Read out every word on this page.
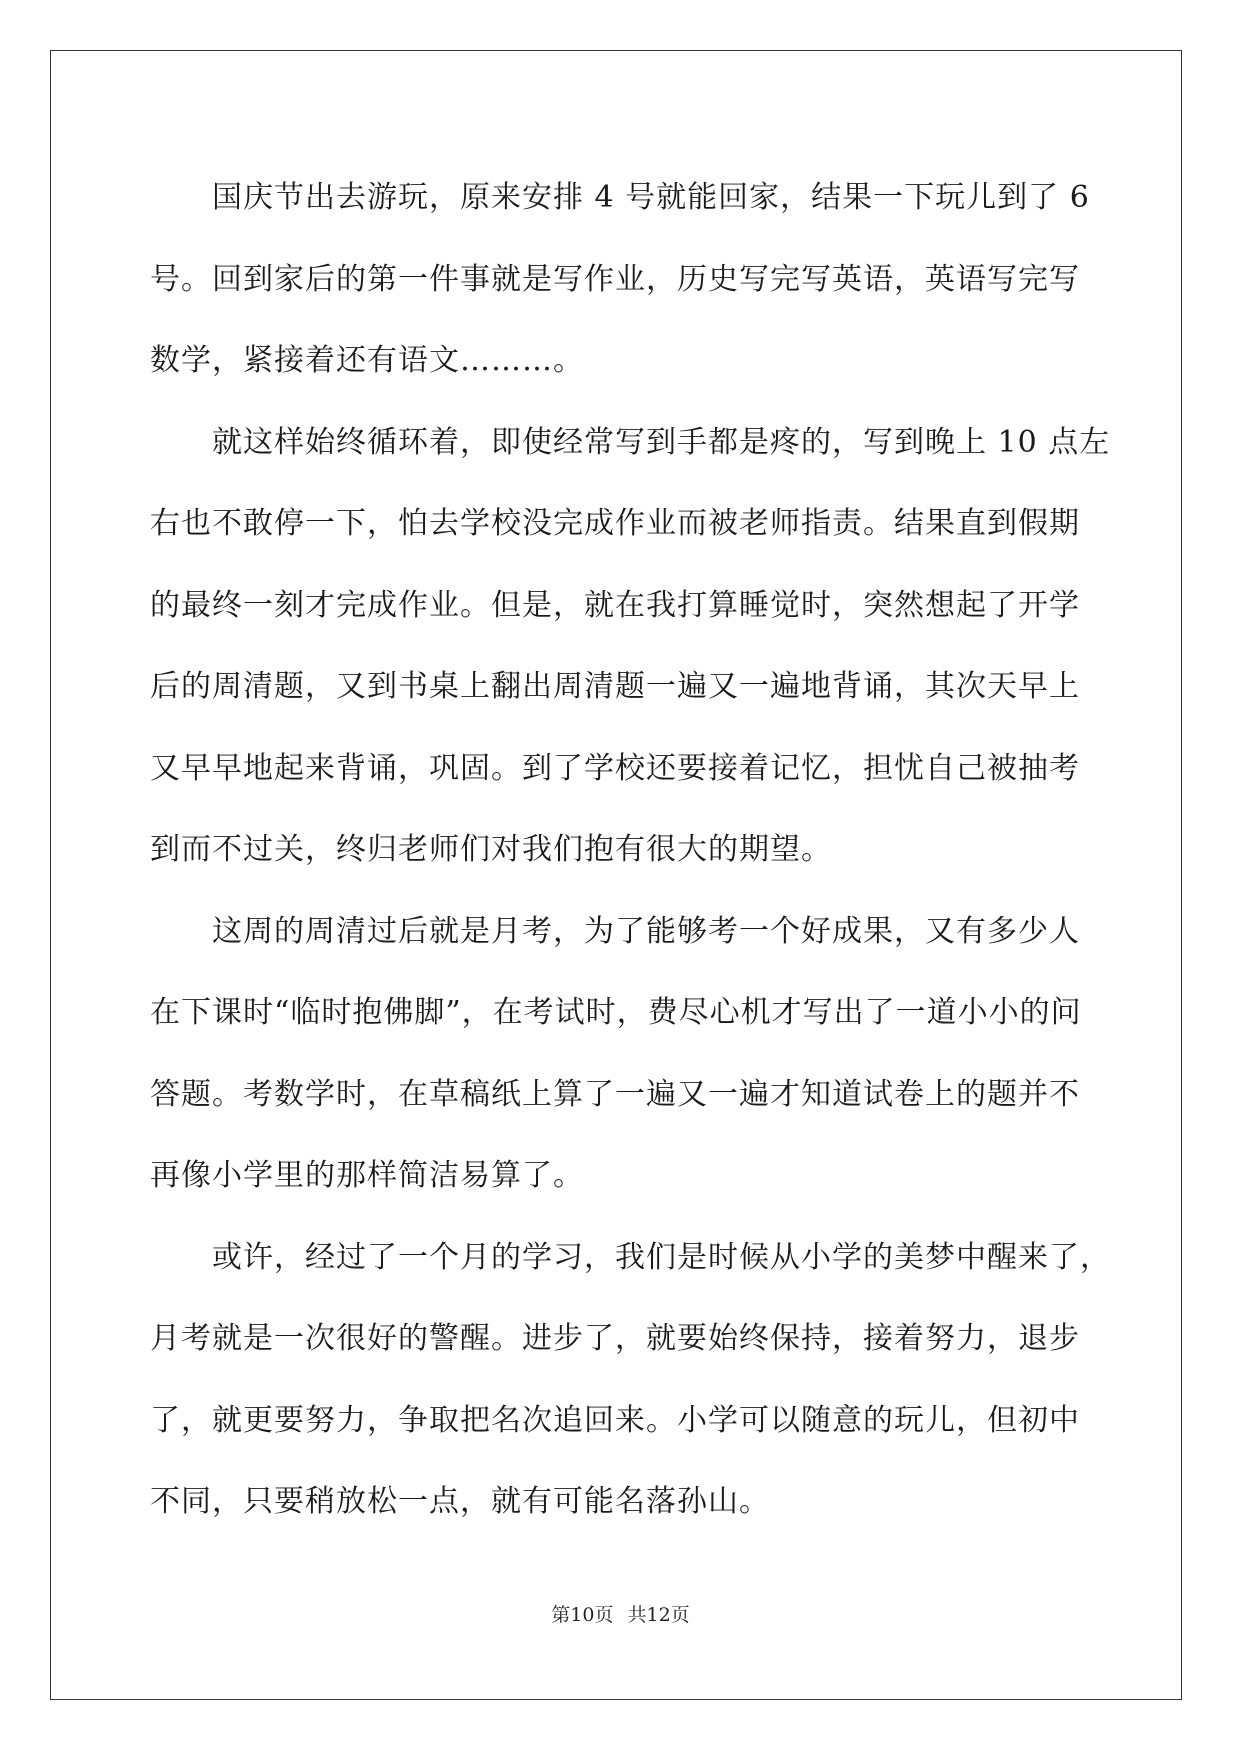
国庆节出去游玩，原来安排 4 号就能回家，结果一下玩儿到了 6

号。回到家后的第一件事就是写作业，历史写完写英语，英语写完写

数学，紧接着还有语文………。

就这样始终循环着，即使经常写到手都是疼的，写到晚上 10 点左

右也不敢停一下，怕去学校没完成作业而被老师指责。结果直到假期

的最终一刻才完成作业。但是，就在我打算睡觉时，突然想起了开学

后的周清题，又到书桌上翻出周清题一遍又一遍地背诵，其次天早上

又早早地起来背诵，巩固。到了学校还要接着记忆，担忧自己被抽考

到而不过关，终归老师们对我们抱有很大的期望。

这周的周清过后就是月考，为了能够考一个好成果，又有多少人

在下课时“临时抱佛脚”，在考试时，费尽心机才写出了一道小小的问

答题。考数学时，在草稿纸上算了一遍又一遍才知道试卷上的题并不

再像小学里的那样简洁易算了。

或许，经过了一个月的学习，我们是时候从小学的美梦中醒来了，

月考就是一次很好的警醒。进步了，就要始终保持，接着努力，退步

了，就更要努力，争取把名次追回来。小学可以随意的玩儿，但初中

不同，只要稍放松一点，就有可能名落孙山。

第10页 共12页
